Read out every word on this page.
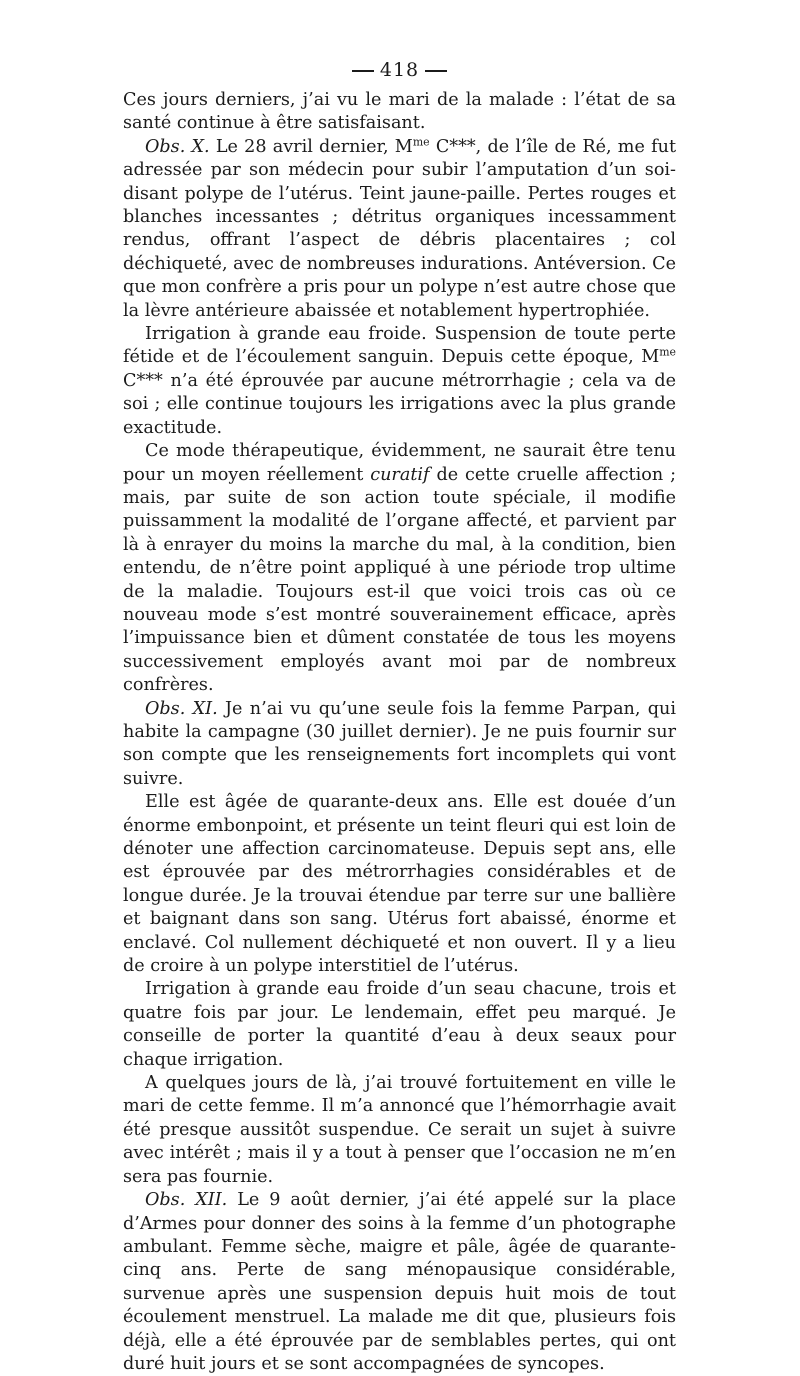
418

Ces jours derniers, j’ai vu le mari de la malade : l’état de sa santé continue à être satisfaisant.

Obs. X. Le 28 avril dernier, $M^{me}$ C***, de l’île de Ré, me fut adressée par son médecin pour subir l’amputation d’un soi-disant polype de l’utérus. Teint jaune-paille. Pertes rouges et blanches incessantes ; détritus organiques incessamment rendus, offrant l’aspect de débris placentaires ; col déchiqueté, avec de nombreuses indurations. Antéversion. Ce que mon confrère a pris pour un polype n’est autre chose que la lèvre antérieure abaissée et notablement hypertrophiée.

Irrigation à grande eau froide. Suspension de toute perte fétide et de l’écoulement sanguin. Depuis cette époque, $M^{me}$ C*** n’a été éprouvée par aucune métrorrhagie ; cela va de soi ; elle continue toujours les irrigations avec la plus grande exactitude.

Ce mode thérapeutique, évidemment, ne saurait être tenu pour un moyen réellement curatif de cette cruelle affection ; mais, par suite de son action toute spéciale, il modifie puissamment la modalité de l’organe affecté, et parvient par là à enrayer du moins la marche du mal, à la condition, bien entendu, de n’être point appliqué à une période trop ultime de la maladie. Toujours est-il que voici trois cas où ce nouveau mode s’est montré souverainement efficace, après l’impuissance bien et dûment constatée de tous les moyens successivement employés avant moi par de nombreux confrères.

Obs. XI. Je n’ai vu qu’une seule fois la femme Parpan, qui habite la campagne (30 juillet dernier). Je ne puis fournir sur son compte que les renseignements fort incomplets qui vont suivre.

Elle est âgée de quarante-deux ans. Elle est douée d’un énorme embonpoint, et présente un teint fleuri qui est loin de dénoter une affection carcinomateuse. Depuis sept ans, elle est éprouvée par des métrorrhagies considérables et de longue durée. Je la trouvai étendue par terre sur une ballière et baignant dans son sang. Utérus fort abaissé, énorme et enclavé. Col nullement déchiqueté et non ouvert. Il y a lieu de croire à un polype interstitiel de l’utérus.

Irrigation à grande eau froide d’un seau chacune, trois et quatre fois par jour. Le lendemain, effet peu marqué. Je conseille de porter la quantité d’eau à deux seaux pour chaque irrigation.

A quelques jours de là, j’ai trouvé fortuitement en ville le mari de cette femme. Il m’a annoncé que l’hémorrhagie avait été presque aussitôt suspendue. Ce serait un sujet à suivre avec intérêt ; mais il y a tout à penser que l’occasion ne m’en sera pas fournie.

Obs. XII. Le 9 août dernier, j’ai été appelé sur la place d’Armes pour donner des soins à la femme d’un photographe ambulant. Femme sèche, maigre et pâle, âgée de quarante-cinq ans. Perte de sang ménopausique considérable, survenue après une suspension depuis huit mois de tout écoulement menstruel. La malade me dit que, plusieurs fois déjà, elle a été éprouvée par de semblables pertes, qui ont duré huit jours et se sont accompagnées de syncopes.
